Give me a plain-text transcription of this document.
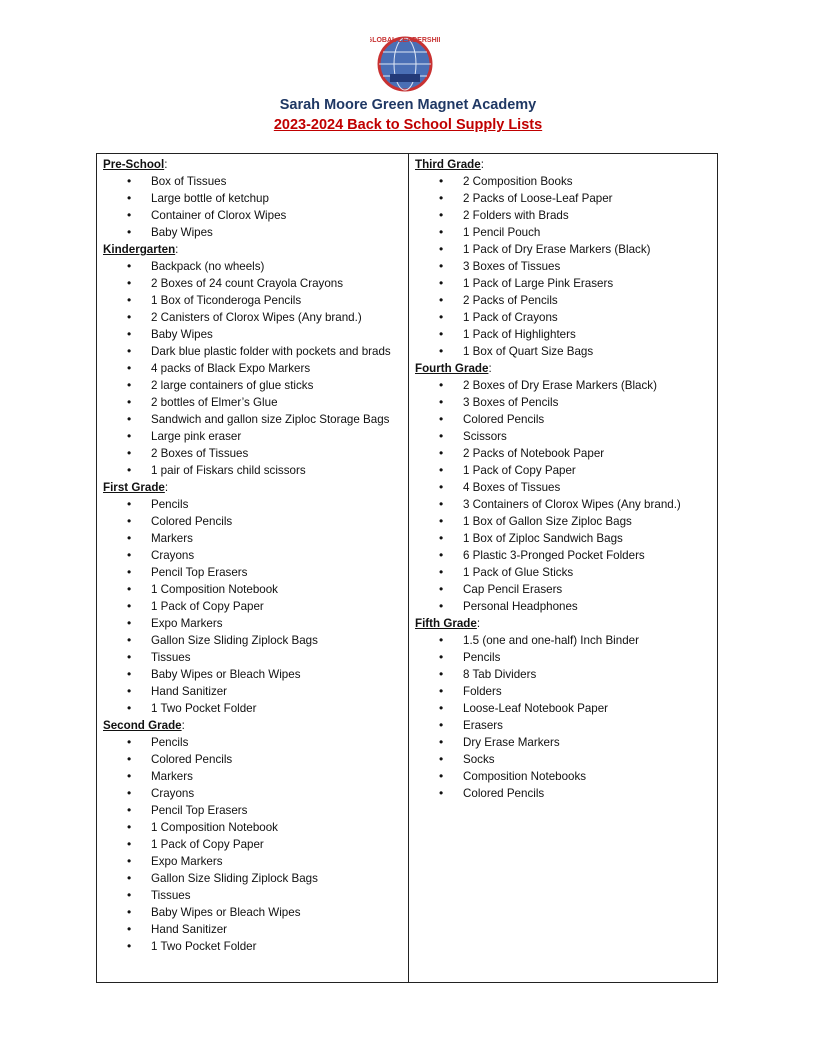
GLOBAL LEADERSHIP
Sarah Moore Green Magnet Academy
2023-2024 Back to School Supply Lists
Pre-School:
• Box of Tissues
• Large bottle of ketchup
• Container of Clorox Wipes
• Baby Wipes
Kindergarten:
• Backpack (no wheels)
• 2 Boxes of 24 count Crayola Crayons
• 1 Box of Ticonderoga Pencils
• 2 Canisters of Clorox Wipes (Any brand.)
• Baby Wipes
• Dark blue plastic folder with pockets and brads
• 4 packs of Black Expo Markers
• 2 large containers of glue sticks
• 2 bottles of Elmer’s Glue
• Sandwich and gallon size Ziploc Storage Bags
• Large pink eraser
• 2 Boxes of Tissues
• 1 pair of Fiskars child scissors
First Grade:
• Pencils
• Colored Pencils
• Markers
• Crayons
• Pencil Top Erasers
• 1 Composition Notebook
• 1 Pack of Copy Paper
• Expo Markers
• Gallon Size Sliding Ziplock Bags
• Tissues
• Baby Wipes or Bleach Wipes
• Hand Sanitizer
• 1 Two Pocket Folder
Second Grade:
• Pencils
• Colored Pencils
• Markers
• Crayons
• Pencil Top Erasers
• 1 Composition Notebook
• 1 Pack of Copy Paper
• Expo Markers
• Gallon Size Sliding Ziplock Bags
• Tissues
• Baby Wipes or Bleach Wipes
• Hand Sanitizer
• 1 Two Pocket Folder
Third Grade:
• 2 Composition Books
• 2 Packs of Loose-Leaf Paper
• 2 Folders with Brads
• 1 Pencil Pouch
• 1 Pack of Dry Erase Markers (Black)
• 3 Boxes of Tissues
• 1 Pack of Large Pink Erasers
• 2 Packs of Pencils
• 1 Pack of Crayons
• 1 Pack of Highlighters
• 1 Box of Quart Size Bags
Fourth Grade:
• 2 Boxes of Dry Erase Markers (Black)
• 3 Boxes of Pencils
• Colored Pencils
• Scissors
• 2 Packs of Notebook Paper
• 1 Pack of Copy Paper
• 4 Boxes of Tissues
• 3 Containers of Clorox Wipes (Any brand.)
• 1 Box of Gallon Size Ziploc Bags
• 1 Box of Ziploc Sandwich Bags
• 6 Plastic 3-Pronged Pocket Folders
• 1 Pack of Glue Sticks
• Cap Pencil Erasers
• Personal Headphones
Fifth Grade:
• 1.5 (one and one-half) Inch Binder
• Pencils
• 8 Tab Dividers
• Folders
• Loose-Leaf Notebook Paper
• Erasers
• Dry Erase Markers
• Socks
• Composition Notebooks
• Colored Pencils
